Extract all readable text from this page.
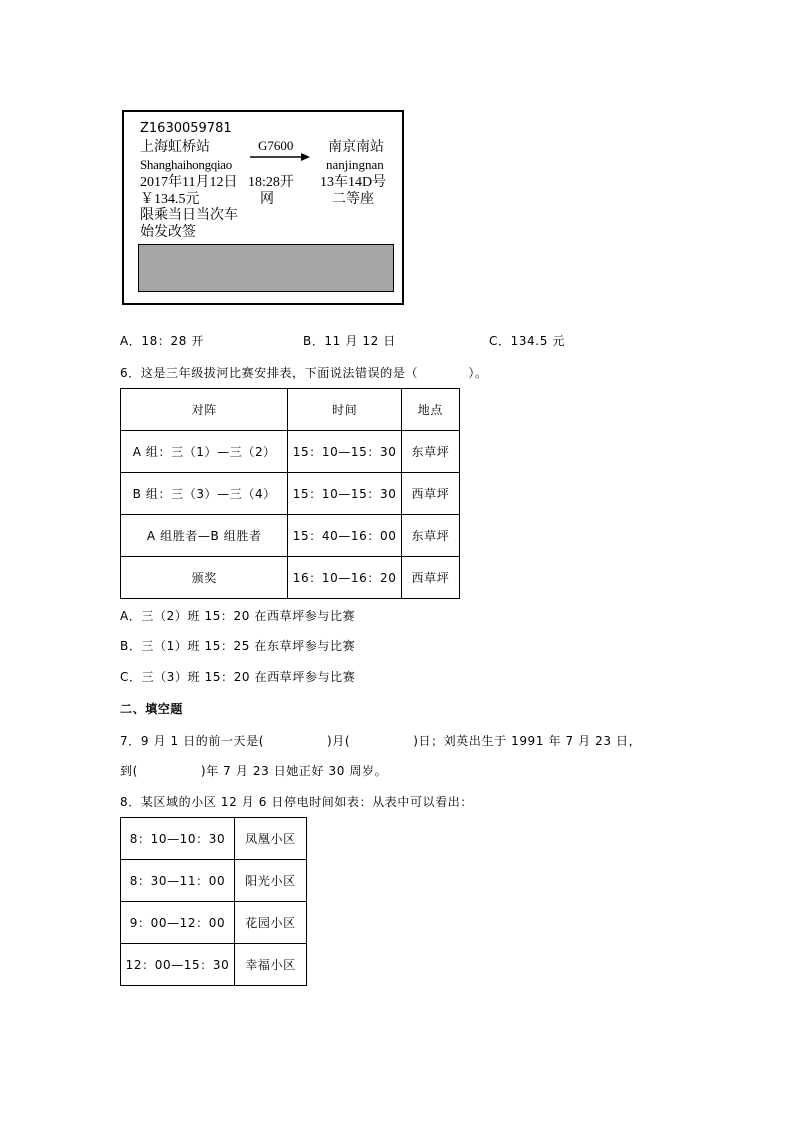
Z1630059781
上海虹桥站
Shanghaihongqiao
G7600 南京南站
nanjingnan
2017年11月12日 18:28开 13车14D号
￥134.5元	网	二等座
限乘当日当次车
始发改签
A．18：28 开	B．11 月 12 日	C．134.5 元
6．这是三年级拔河比赛安排表，下面说法错误的是（　　　　）。
对阵	时间	地点
A 组：三（1）—三（2）	15：10—15：30	东草坪
B 组：三（3）—三（4）	15：10—15：30	西草坪
A 组胜者—B 组胜者	15：40—16：00	东草坪
颁奖	16：10—16：20	西草坪
A．三（2）班 15：20 在西草坪参与比赛
B．三（1）班 15：25 在东草坪参与比赛
C．三（3）班 15：20 在西草坪参与比赛
二、填空题
7．9 月 1 日的前一天是(　　　　　)月(　　　　　)日；刘英出生于 1991 年 7 月 23 日，
到(　　　　　)年 7 月 23 日她正好 30 周岁。
8．某区域的小区 12 月 6 日停电时间如表：从表中可以看出：
8：10—10：30	凤凰小区
8：30—11：00	阳光小区
9：00—12：00	花园小区
12：00—15：30	幸福小区
